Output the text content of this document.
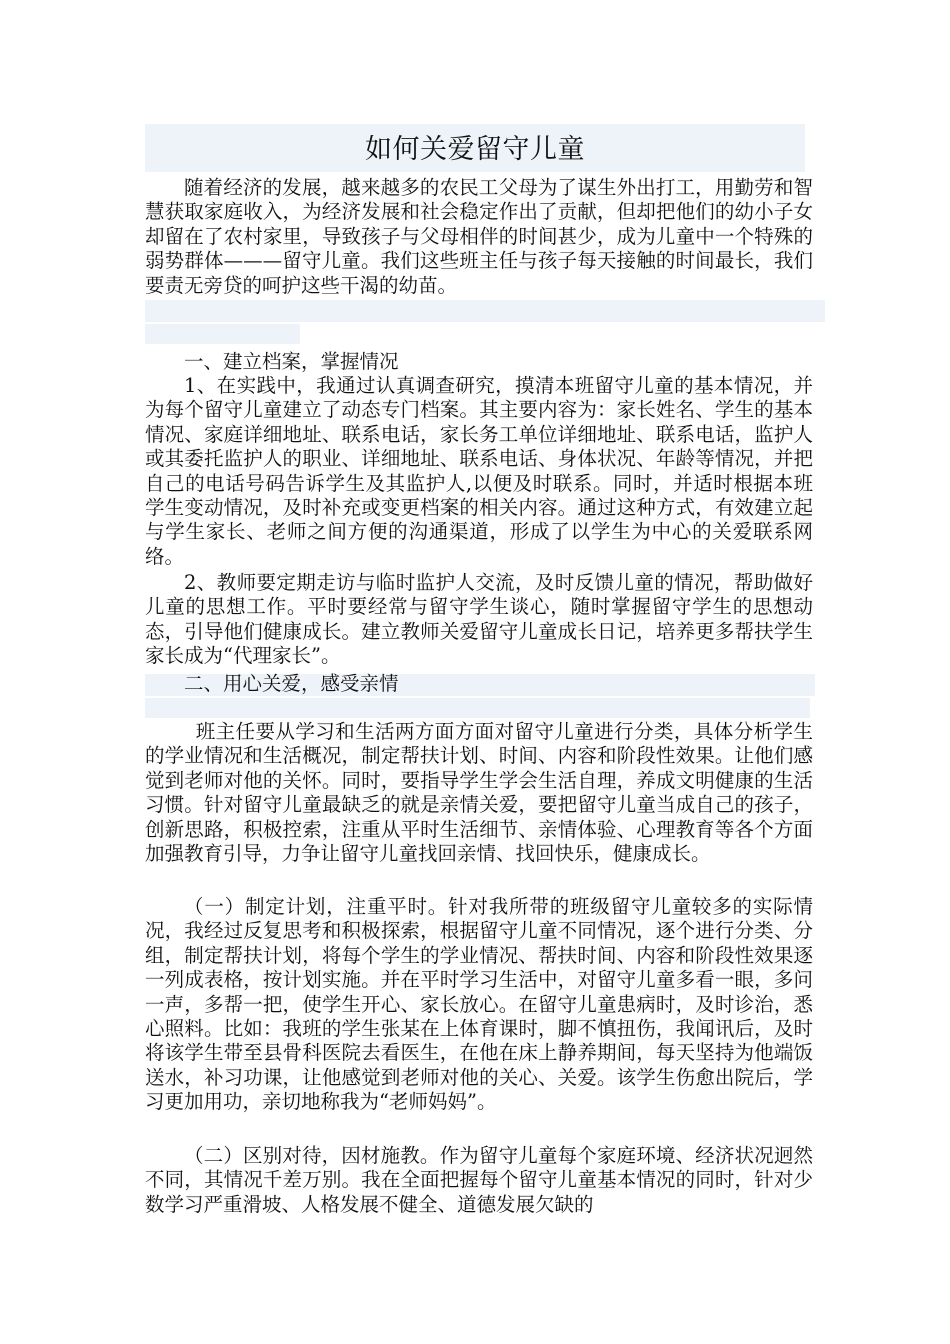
如何关爱留守儿童

随着经济的发展，越来越多的农民工父母为了谋生外出打工，用勤劳和智慧获取家庭收入，为经济发展和社会稳定作出了贡献，但却把他们的幼小子女却留在了农村家里，导致孩子与父母相伴的时间甚少，成为儿童中一个特殊的弱势群体———留守儿童。我们这些班主任与孩子每天接触的时间最长，我们要责无旁贷的呵护这些干渴的幼苗。

一、建立档案，掌握情况

1、在实践中，我通过认真调查研究，摸清本班留守儿童的基本情况，并为每个留守儿童建立了动态专门档案。其主要内容为：家长姓名、学生的基本情况、家庭详细地址、联系电话，家长务工单位详细地址、联系电话，监护人或其委托监护人的职业、详细地址、联系电话、身体状况、年龄等情况，并把自己的电话号码告诉学生及其监护人,以便及时联系。同时，并适时根据本班学生变动情况，及时补充或变更档案的相关内容。通过这种方式，有效建立起与学生家长、老师之间方便的沟通渠道，形成了以学生为中心的关爱联系网络。

2、教师要定期走访与临时监护人交流，及时反馈儿童的情况，帮助做好儿童的思想工作。平时要经常与留守学生谈心，随时掌握留守学生的思想动态，引导他们健康成长。建立教师关爱留守儿童成长日记，培养更多帮扶学生家长成为“代理家长”。

二、用心关爱，感受亲情

班主任要从学习和生活两方面方面对留守儿童进行分类，具体分析学生的学业情况和生活概况，制定帮扶计划、时间、内容和阶段性效果。让他们感觉到老师对他的关怀。同时，要指导学生学会生活自理，养成文明健康的生活习惯。针对留守儿童最缺乏的就是亲情关爱，要把留守儿童当成自己的孩子，创新思路，积极控索，注重从平时生活细节、亲情体验、心理教育等各个方面加强教育引导，力争让留守儿童找回亲情、找回快乐，健康成长。

（一）制定计划，注重平时。针对我所带的班级留守儿童较多的实际情况，我经过反复思考和积极探索，根据留守儿童不同情况，逐个进行分类、分组，制定帮扶计划，将每个学生的学业情况、帮扶时间、内容和阶段性效果逐一列成表格，按计划实施。并在平时学习生活中，对留守儿童多看一眼，多问一声，多帮一把，使学生开心、家长放心。在留守儿童患病时，及时诊治，悉心照料。比如：我班的学生张某在上体育课时，脚不慎扭伤，我闻讯后，及时将该学生带至县骨科医院去看医生，在他在床上静养期间，每天坚持为他端饭送水，补习功课，让他感觉到老师对他的关心、关爱。该学生伤愈出院后，学习更加用功，亲切地称我为“老师妈妈”。

（二）区别对待，因材施教。作为留守儿童每个家庭环境、经济状况迥然不同，其情况千差万别。我在全面把握每个留守儿童基本情况的同时，针对少数学习严重滑坡、人格发展不健全、道德发展欠缺的
